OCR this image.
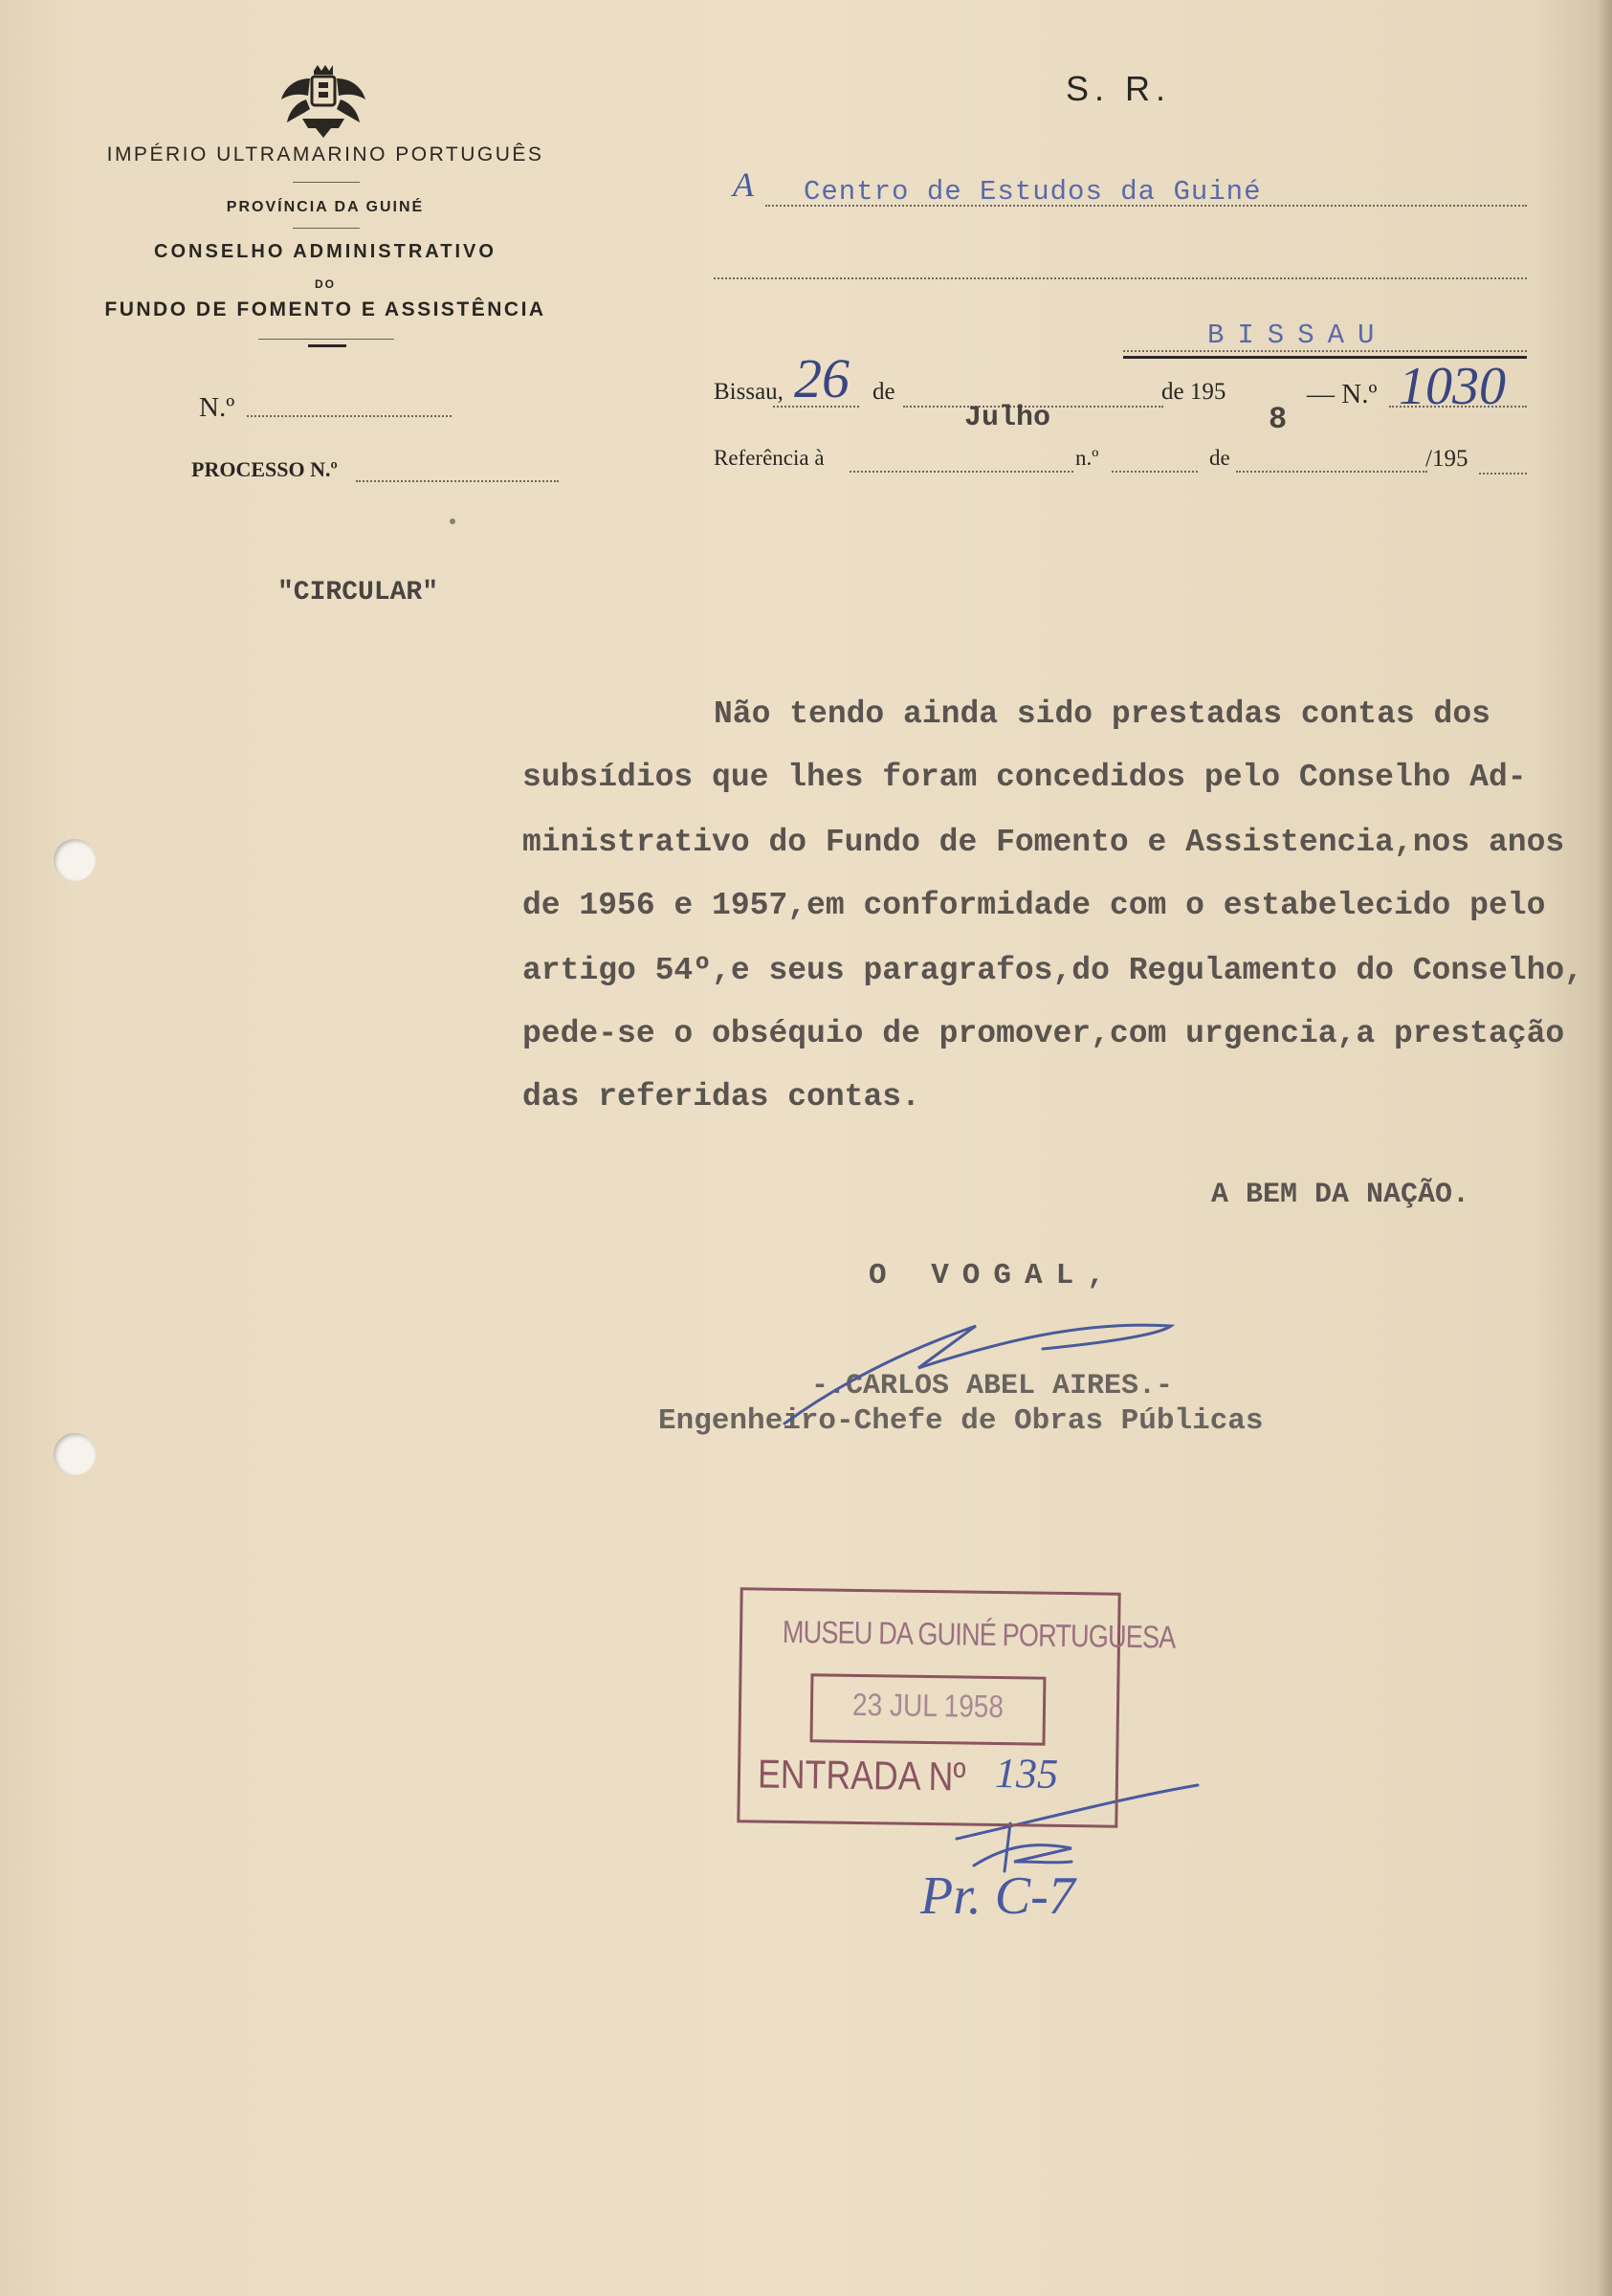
IMPÉRIO ULTRAMARINO PORTUGUÊS
PROVÍNCIA DA GUINÉ
CONSELHO ADMINISTRATIVO
DO
FUNDO DE FOMENTO E ASSISTÊNCIA
N.º
PROCESSO N.º
"CIRCULAR"
S. R.
A Centro de Estudos da Guiné
BISSAU
Bissau, 26 de
Julho
de 195
8
— N.º 1030
Referência à	n.º	de	/195
Não tendo ainda sido prestadas contas dos
subsídios que lhes foram concedidos pelo Conselho Ad-
ministrativo do Fundo de Fomento e Assistencia,nos anos
de 1956 e 1957,em conformidade com o estabelecido pelo
artigo 54º,e seus paragrafos,do Regulamento do Conselho,
pede-se o obséquio de promover,com urgencia,a prestação
das referidas contas.
A BEM DA NAÇÃO.
O VOGAL,
-.CARLOS ABEL AIRES.-
Engenheiro-Chefe de Obras Públicas
MUSEU DA GUINÉ PORTUGUESA
23 JUL 1958
ENTRADA Nº 135
Pr. C-7
